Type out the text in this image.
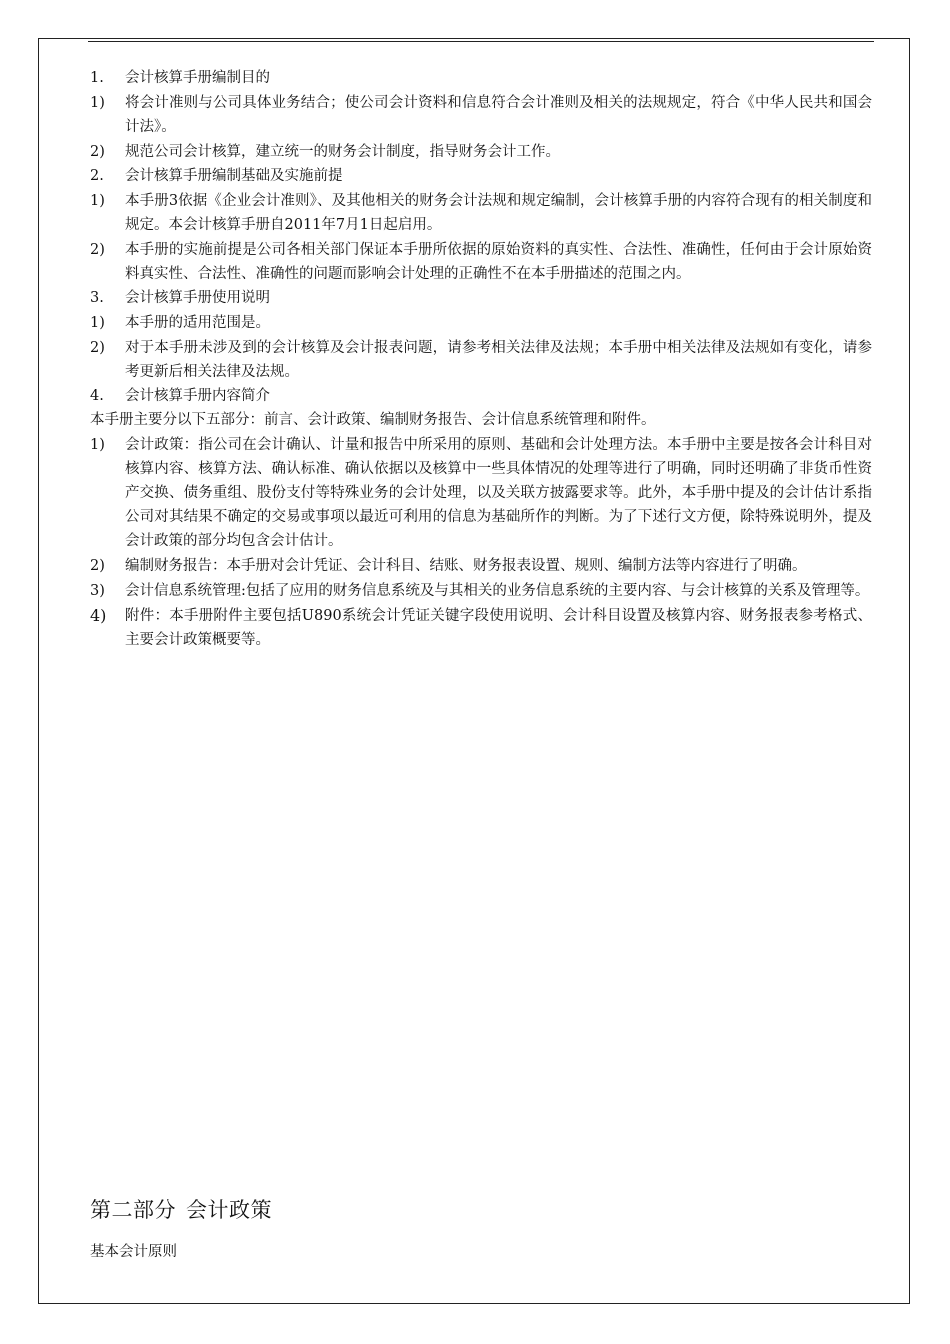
1.	会计核算手册编制目的
1)	将会计准则与公司具体业务结合；使公司会计资料和信息符合会计准则及相关的法规规定，符合《中华人民共和国会计法》。
2)	规范公司会计核算，建立统一的财务会计制度，指导财务会计工作。
2.	会计核算手册编制基础及实施前提
1)	本手册3依据《企业会计准则》、及其他相关的财务会计法规和规定编制，会计核算手册的内容符合现有的相关制度和规定。本会计核算手册自2011年7月1日起启用。
2)	本手册的实施前提是公司各相关部门保证本手册所依据的原始资料的真实性、合法性、准确性，任何由于会计原始资料真实性、合法性、准确性的问题而影响会计处理的正确性不在本手册描述的范围之内。
3.	会计核算手册使用说明
1)	本手册的适用范围是。
2)	对于本手册未涉及到的会计核算及会计报表问题，请参考相关法律及法规；本手册中相关法律及法规如有变化，请参考更新后相关法律及法规。
4.	会计核算手册内容简介
本手册主要分以下五部分：前言、会计政策、编制财务报告、会计信息系统管理和附件。
1)	会计政策：指公司在会计确认、计量和报告中所采用的原则、基础和会计处理方法。本手册中主要是按各会计科目对核算内容、核算方法、确认标准、确认依据以及核算中一些具体情况的处理等进行了明确，同时还明确了非货币性资产交换、债务重组、股份支付等特殊业务的会计处理，以及关联方披露要求等。此外，本手册中提及的会计估计系指公司对其结果不确定的交易或事项以最近可利用的信息为基础所作的判断。为了下述行文方便，除特殊说明外，提及会计政策的部分均包含会计估计。
2)	编制财务报告：本手册对会计凭证、会计科目、结账、财务报表设置、规则、编制方法等内容进行了明确。
3)	会计信息系统管理:包括了应用的财务信息系统及与其相关的业务信息系统的主要内容、与会计核算的关系及管理等。
4)	附件：本手册附件主要包括U890系统会计凭证关键字段使用说明、会计科目设置及核算内容、财务报表参考格式、主要会计政策概要等。
第二部分 会计政策
基本会计原则
